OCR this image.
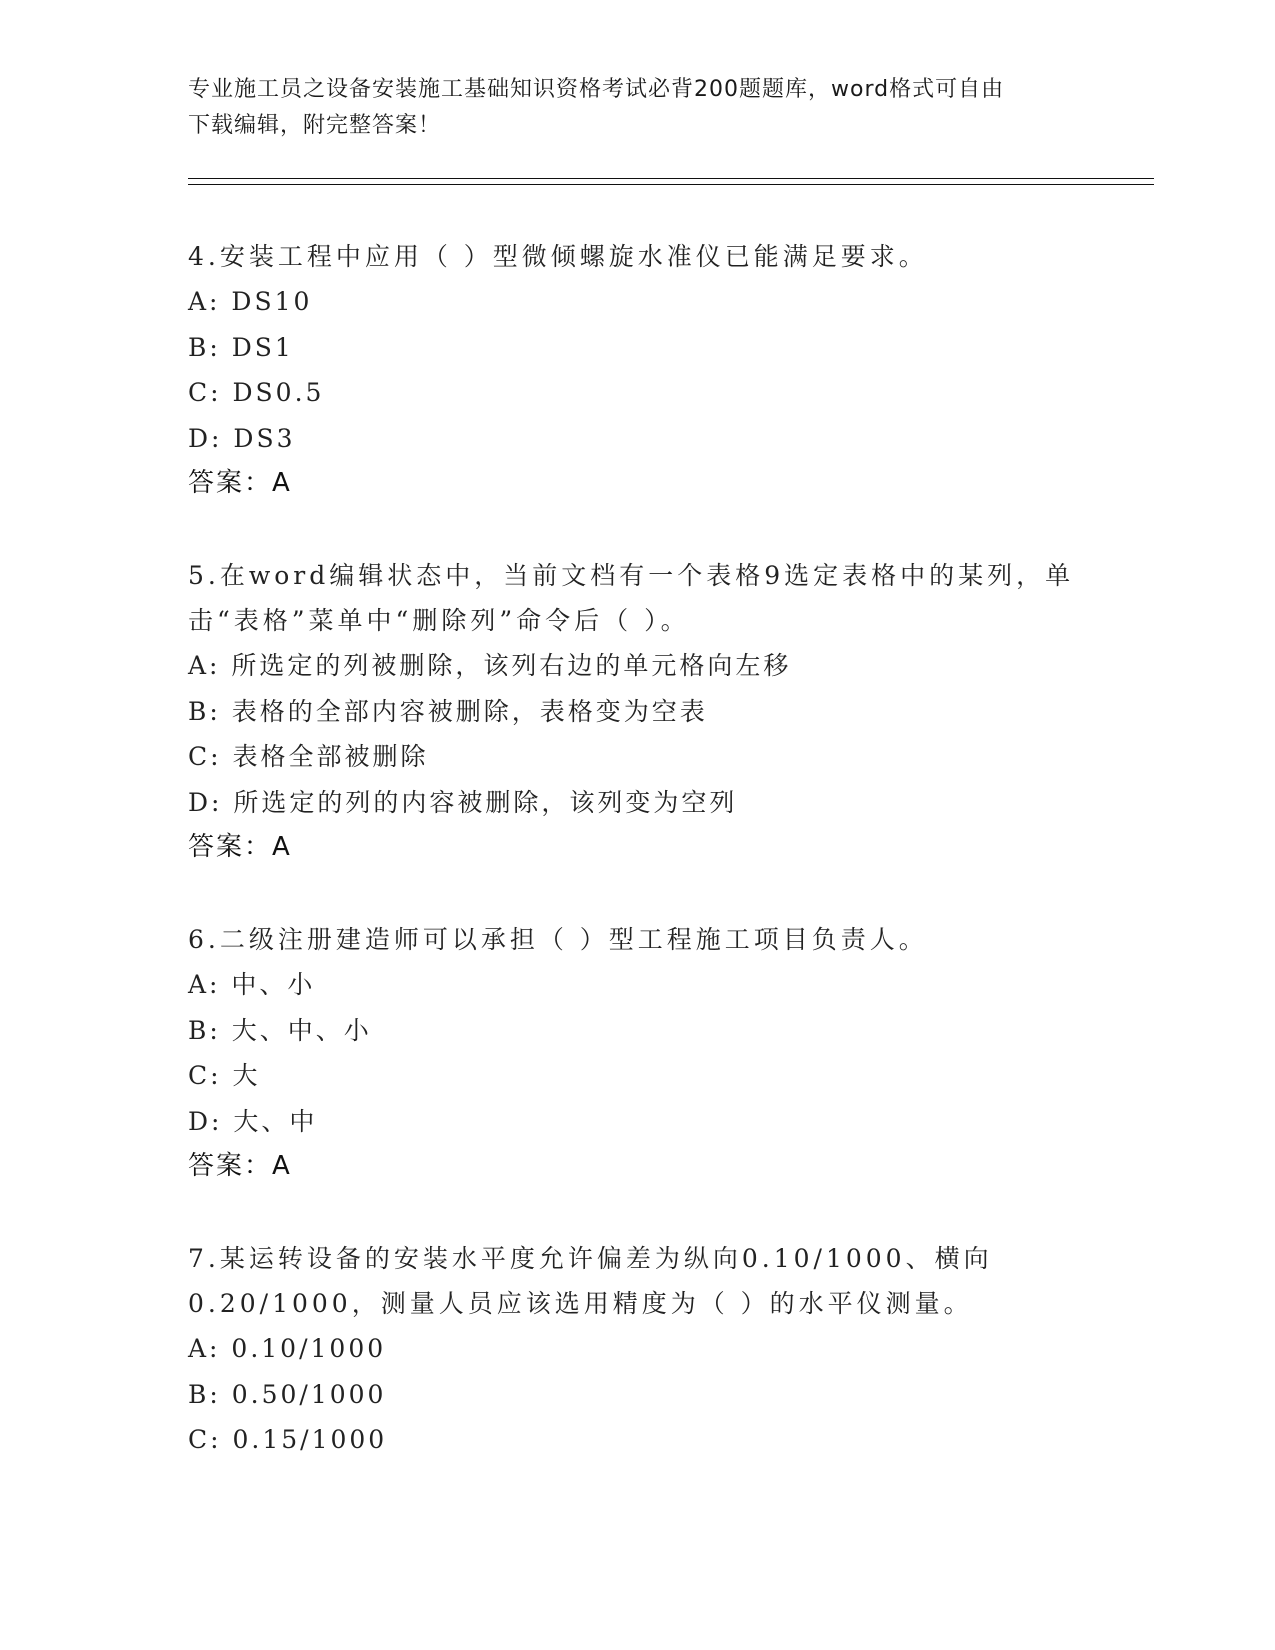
专业施工员之设备安装施工基础知识资格考试必背200题题库，word格式可自由
下载编辑，附完整答案！

4.安装工程中应用（ ）型微倾螺旋水准仪已能满足要求。

A: DS10

B: DS1

C: DS0.5

D: DS3

答案：A

5.在word编辑状态中，当前文档有一个表格9选定表格中的某列，单

击“表格”菜单中“删除列”命令后（ ）。

A: 所选定的列被删除，该列右边的单元格向左移

B: 表格的全部内容被删除，表格变为空表

C: 表格全部被删除

D: 所选定的列的内容被删除，该列变为空列

答案：A

6.二级注册建造师可以承担（ ）型工程施工项目负责人。

A: 中、小

B: 大、中、小

C: 大

D: 大、中

答案：A

7.某运转设备的安装水平度允许偏差为纵向0.10/1000、横向

0.20/1000，测量人员应该选用精度为（ ）的水平仪测量。

A: 0.10/1000

B: 0.50/1000

C: 0.15/1000
